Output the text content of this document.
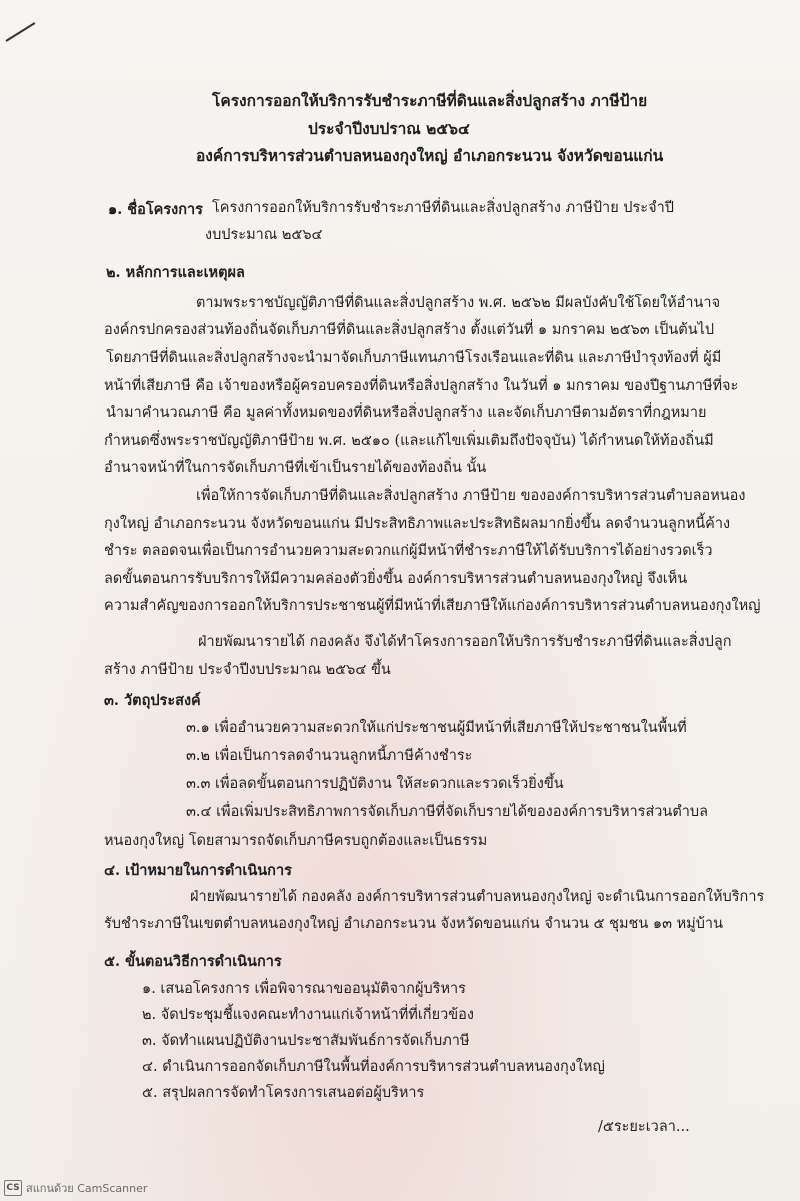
โครงการออกให้บริการรับชำระภาษีที่ดินและสิ่งปลูกสร้าง ภาษีป้าย
ประจำปีงบปราณ ๒๕๖๔
องค์การบริหารส่วนตำบลหนองกุงใหญ่ อำเภอกระนวน จังหวัดขอนแก่น
๑. ชื่อโครงการ โครงการออกให้บริการรับชำระภาษีที่ดินและสิ่งปลูกสร้าง ภาษีป้าย ประจำปี
งบประมาณ ๒๕๖๔
๒. หลักการและเหตุผล
ตามพระราชบัญญัติภาษีที่ดินและสิ่งปลูกสร้าง พ.ศ. ๒๕๖๒ มีผลบังคับใช้โดยให้อำนาจ
องค์กรปกครองส่วนท้องถิ่นจัดเก็บภาษีที่ดินและสิ่งปลูกสร้าง ตั้งแต่วันที่ ๑ มกราคม ๒๕๖๓ เป็นต้นไป
โดยภาษีที่ดินและสิ่งปลูกสร้างจะนำมาจัดเก็บภาษีแทนภาษีโรงเรือนและที่ดิน และภาษีบำรุงท้องที่ ผู้มี
หน้าที่เสียภาษี คือ เจ้าของหรือผู้ครอบครองที่ดินหรือสิ่งปลูกสร้าง ในวันที่ ๑ มกราคม ของปีฐานภาษีที่จะ
นำมาคำนวณภาษี คือ มูลค่าทั้งหมดของที่ดินหรือสิ่งปลูกสร้าง และจัดเก็บภาษีตามอัตราที่กฎหมาย
กำหนดซึ่งพระราชบัญญัติภาษีป้าย พ.ศ. ๒๕๑๐ (และแก้ไขเพิ่มเติมถึงปัจจุบัน) ได้กำหนดให้ท้องถิ่นมี
อำนาจหน้าที่ในการจัดเก็บภาษีที่เข้าเป็นรายได้ของท้องถิ่น นั้น
เพื่อให้การจัดเก็บภาษีที่ดินและสิ่งปลูกสร้าง ภาษีป้าย ขององค์การบริหารส่วนตำบลอหนอง
กุงใหญ่ อำเภอกระนวน จังหวัดขอนแก่น มีประสิทธิภาพและประสิทธิผลมากยิ่งขึ้น ลดจำนวนลูกหนี้ค้าง
ชำระ ตลอดจนเพื่อเป็นการอำนวยความสะดวกแก่ผู้มีหน้าที่ชำระภาษีให้ได้รับบริการได้อย่างรวดเร็ว
ลดขั้นตอนการรับบริการให้มีความคล่องตัวยิ่งขึ้น องค์การบริหารส่วนตำบลหนองกุงใหญ่ จึงเห็น
ความสำคัญของการออกให้บริการประชาชนผู้ที่มีหน้าที่เสียภาษีให้แก่องค์การบริหารส่วนตำบลหนองกุงใหญ่
ฝ่ายพัฒนารายได้ กองคลัง จึงได้ทำโครงการออกให้บริการรับชำระภาษีที่ดินและสิ่งปลูก
สร้าง ภาษีป้าย ประจำปีงบประมาณ ๒๕๖๔ ขึ้น
๓. วัตถุประสงค์
๓.๑ เพื่ออำนวยความสะดวกให้แก่ประชาชนผู้มีหน้าที่เสียภาษีให้ประชาชนในพื้นที่
๓.๒ เพื่อเป็นการลดจำนวนลูกหนี้ภาษีค้างชำระ
๓.๓ เพื่อลดขั้นตอนการปฏิบัติงาน ให้สะดวกและรวดเร็วยิ่งขึ้น
๓.๔ เพื่อเพิ่มประสิทธิภาพการจัดเก็บภาษีที่จัดเก็บรายได้ขององค์การบริหารส่วนตำบล
หนองกุงใหญ่ โดยสามารถจัดเก็บภาษีครบถูกต้องและเป็นธรรม
๔. เป้าหมายในการดำเนินการ
ฝ่ายพัฒนารายได้ กองคลัง องค์การบริหารส่วนตำบลหนองกุงใหญ่ จะดำเนินการออกให้บริการ
รับชำระภาษีในเขตตำบลหนองกุงใหญ่ อำเภอกระนวน จังหวัดขอนแก่น จำนวน ๕ ชุมชน ๑๓ หมู่บ้าน
๕. ขั้นตอนวิธีการดำเนินการ
๑. เสนอโครงการ เพื่อพิจารณาขออนุมัติจากผู้บริหาร
๒. จัดประชุมชี้แจงคณะทำงานแก่เจ้าหน้าที่ที่เกี่ยวข้อง
๓. จัดทำแผนปฏิบัติงานประชาสัมพันธ์การจัดเก็บภาษี
๔. ดำเนินการออกจัดเก็บภาษีในพื้นที่องค์การบริหารส่วนตำบลหนองกุงใหญ่
๕. สรุปผลการจัดทำโครงการเสนอต่อผู้บริหาร
/๕ระยะเวลา...
CS สแกนด้วย CamScanner
